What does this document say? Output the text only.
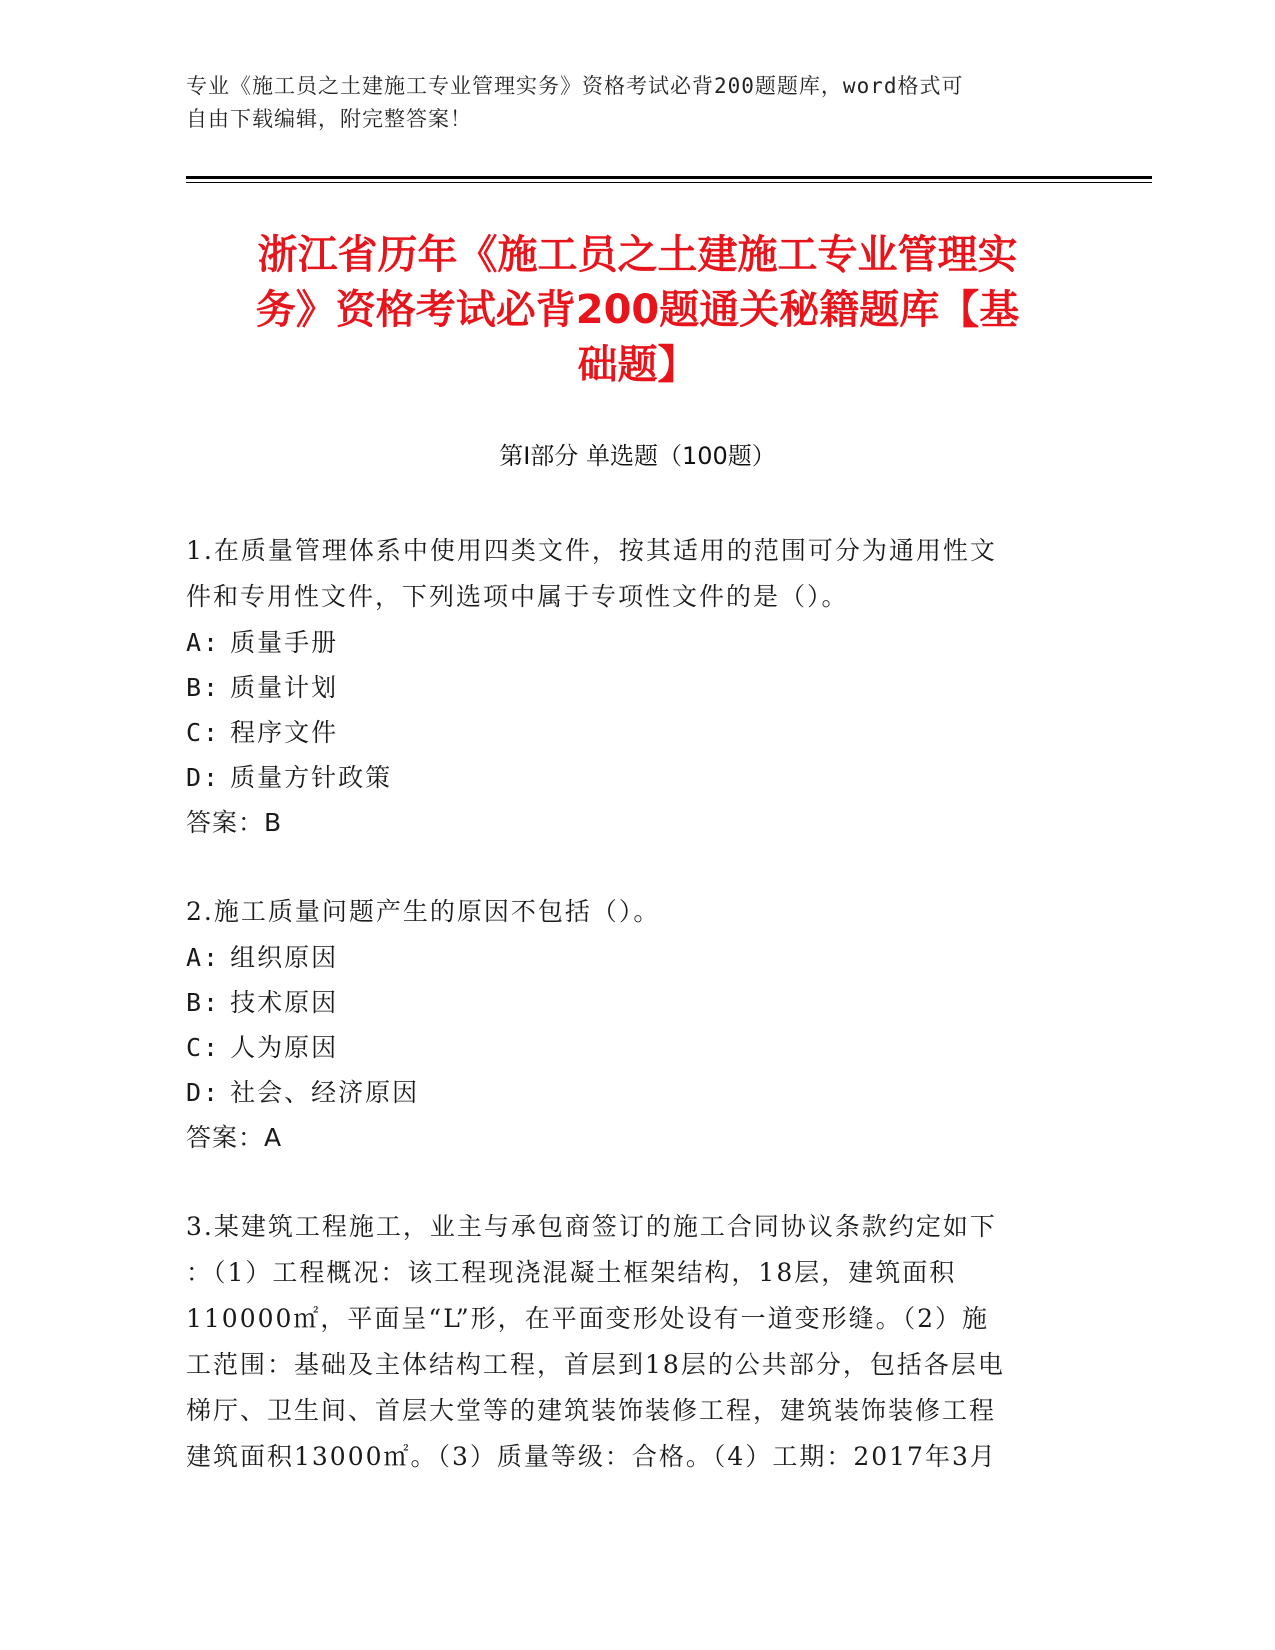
专业《施工员之土建施工专业管理实务》资格考试必背200题题库，word格式可
自由下载编辑，附完整答案！
浙江省历年《施工员之土建施工专业管理实
务》资格考试必背200题通关秘籍题库【基
础题】
第Ⅰ部分 单选题（100题）
1.在质量管理体系中使用四类文件，按其适用的范围可分为通用性文
件和专用性文件，下列选项中属于专项性文件的是（）。
A: 质量手册
B: 质量计划
C: 程序文件
D: 质量方针政策
答案：B
2.施工质量问题产生的原因不包括（）。
A: 组织原因
B: 技术原因
C: 人为原因
D: 社会、经济原因
答案：A
3.某建筑工程施工，业主与承包商签订的施工合同协议条款约定如下
：（1）工程概况：该工程现浇混凝土框架结构，18层，建筑面积
110000㎡，平面呈“L”形，在平面变形处设有一道变形缝。（2）施
工范围：基础及主体结构工程，首层到18层的公共部分，包括各层电
梯厅、卫生间、首层大堂等的建筑装饰装修工程，建筑装饰装修工程
建筑面积13000㎡。（3）质量等级：合格。（4）工期：2017年3月
